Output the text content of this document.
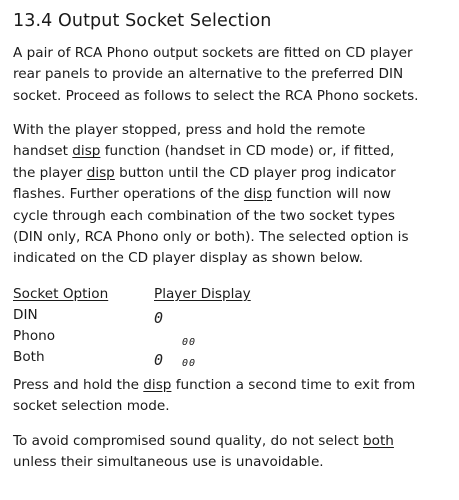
13.4 Output Socket Selection
A pair of RCA Phono output sockets are fitted on CD player
rear panels to provide an alternative to the preferred DIN
socket. Proceed as follows to select the RCA Phono sockets.
With the player stopped, press and hold the remote
handset disp function (handset in CD mode) or, if fitted,
the player disp button until the CD player prog indicator
flashes. Further operations of the disp function will now
cycle through each combination of the two socket types
(DIN only, RCA Phono only or both). The selected option is
indicated on the CD player display as shown below.
Socket Option	Player Display
DIN	0
Phono	00
Both	0 00
Press and hold the disp function a second time to exit from
socket selection mode.
To avoid compromised sound quality, do not select both
unless their simultaneous use is unavoidable.
